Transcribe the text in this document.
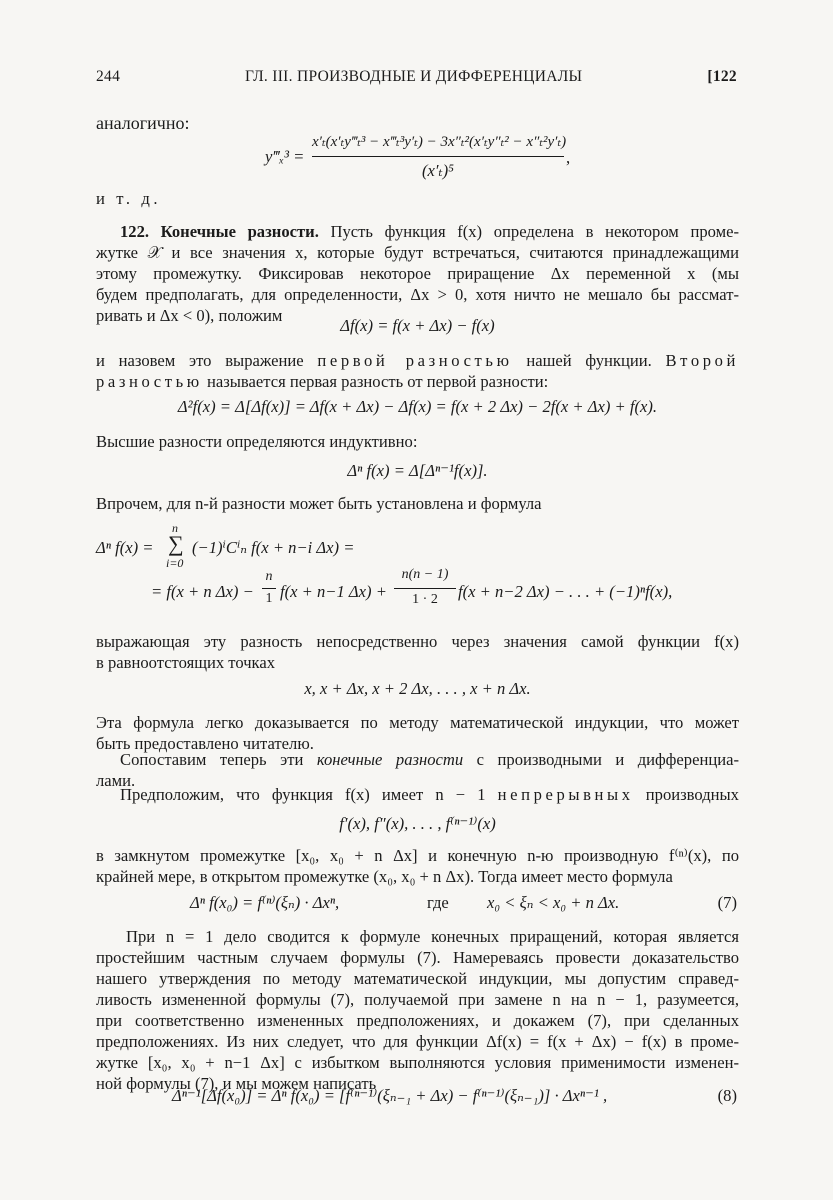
244	ГЛ. III. ПРОИЗВОДНЫЕ И ДИФФЕРЕНЦИАЛЫ	[122
аналогично:
y‴ₓ³ =
x′ₜ(x′ₜy‴ₜ³ − x‴ₜ³y′ₜ) − 3x″ₜ²(x′ₜy″ₜ² − x″ₜ²y′ₜ)
(x′ₜ)⁵
,
и т. д.
122. Конечные разности. Пусть функция f(x) определена в некотором проме-
жутке 𝒳 и все значения x, которые будут встречаться, считаются принадлежащими
этому промежутку. Фиксировав некоторое приращение Δx переменной x (мы
будем предполагать, для определенности, Δx > 0, хотя ничто не мешало бы рассмат-
ривать и Δx < 0), положим
Δf(x) = f(x + Δx) − f(x)
и назовем это выражение первой разностью нашей функции. Второй
разностью называется первая разность от первой разности:
Δ²f(x) = Δ[Δf(x)] = Δf(x + Δx) − Δf(x) = f(x + 2 Δx) − 2f(x + Δx) + f(x).
Высшие разности определяются индуктивно:
Δⁿ f(x) = Δ[Δⁿ⁻¹f(x)].
Впрочем, для n-й разности может быть установлена и формула
Δⁿ f(x) =
n
∑
i=0
(−1)ⁱCⁱₙ f(x + n−i Δx) =
= f(x + n Δx) −
n
1 f(x + n−1 Δx) +
n(n − 1)
1 · 2	f(x + n−2 Δx) − . . . + (−1)ⁿf(x),
выражающая эту разность непосредственно через значения самой функции f(x)
в равноотстоящих точках
x, x + Δx, x + 2 Δx, . . . , x + n Δx.
Эта формула легко доказывается по методу математической индукции, что может
быть предоставлено читателю.
Сопоставим теперь эти конечные разности с производными и дифференциа-
лами.
Предположим, что функция f(x) имеет n − 1 непрерывных производных
f′(x), f″(x), . . . , f⁽ⁿ⁻¹⁾(x)
в замкнутом промежутке [x₀, x₀ + n Δx] и конечную n-ю производную f⁽ⁿ⁾(x), по
крайней мере, в открытом промежутке (x₀, x₀ + n Δx). Тогда имеет место формула
Δⁿ f(x₀) = f⁽ⁿ⁾(ξₙ) · Δxⁿ,	где x₀ < ξₙ < x₀ + n Δx.	(7)
При n = 1 дело сводится к формуле конечных приращений, которая является
простейшим частным случаем формулы (7). Намереваясь провести доказательство
нашего утверждения по методу математической индукции, мы допустим справед-
ливость измененной формулы (7), получаемой при замене n на n − 1, разумеется,
при соответственно измененных предположениях, и докажем (7), при сделанных
предположениях. Из них следует, что для функции Δf(x) = f(x + Δx) − f(x) в проме-
жутке [x₀, x₀ + n−1 Δx] с избытком выполняются условия применимости изменен-
ной формулы (7), и мы можем написать
Δⁿ⁻¹[Δf(x₀)] = Δⁿ f(x₀) = [f⁽ⁿ⁻¹⁾(ξₙ₋₁ + Δx) − f⁽ⁿ⁻¹⁾(ξₙ₋₁)] · Δxⁿ⁻¹ ,	(8)
